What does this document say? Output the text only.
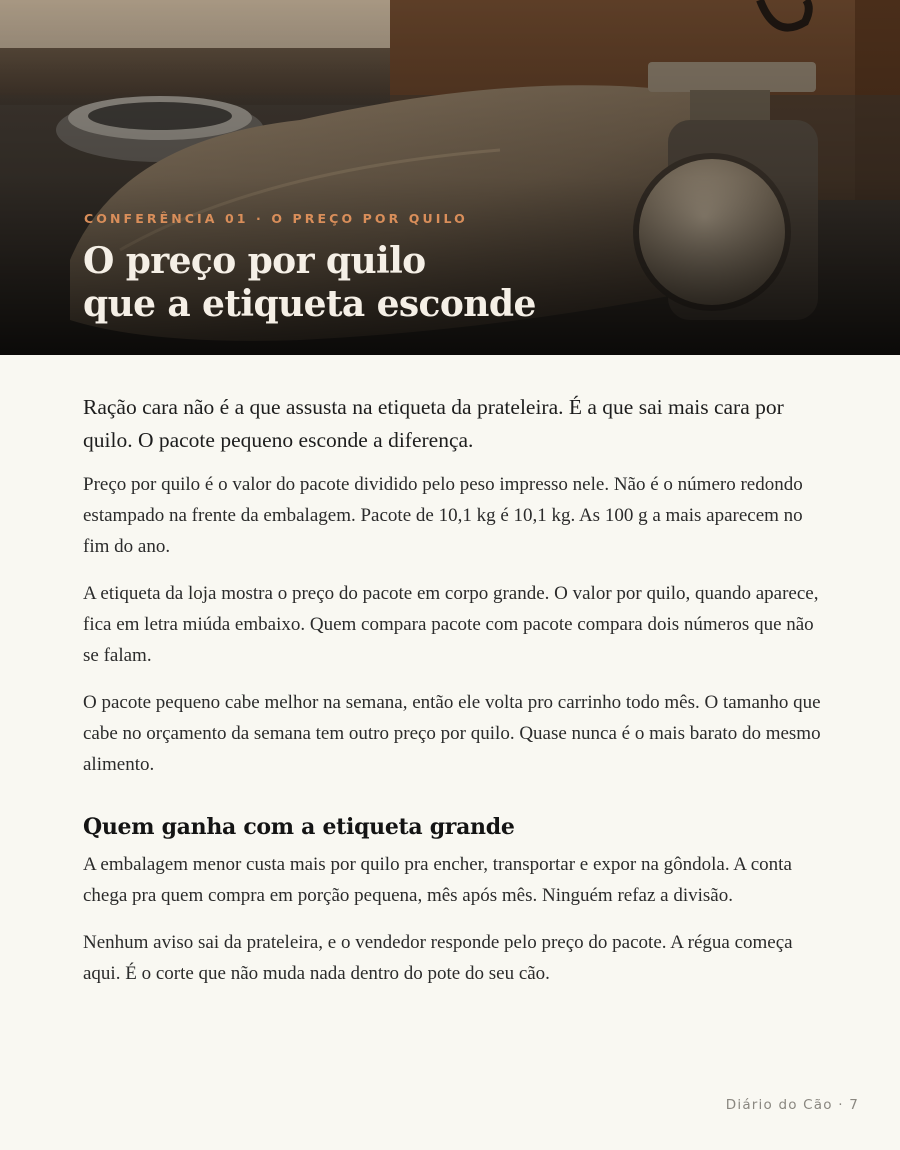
CONFERÊNCIA 01 · O PREÇO POR QUILO
O preço por quilo
que a etiqueta esconde

Ração cara não é a que assusta na etiqueta da prateleira. É a que sai mais cara por quilo. O pacote pequeno esconde a diferença.

Preço por quilo é o valor do pacote dividido pelo peso impresso nele. Não é o número redondo estampado na frente da embalagem. Pacote de 10,1 kg é 10,1 kg. As 100 g a mais aparecem no fim do ano.

A etiqueta da loja mostra o preço do pacote em corpo grande. O valor por quilo, quando aparece, fica em letra miúda embaixo. Quem compara pacote com pacote compara dois números que não se falam.

O pacote pequeno cabe melhor na semana, então ele volta pro carrinho todo mês. O tamanho que cabe no orçamento da semana tem outro preço por quilo. Quase nunca é o mais barato do mesmo alimento.

Quem ganha com a etiqueta grande

A embalagem menor custa mais por quilo pra encher, transportar e expor na gôndola. A conta chega pra quem compra em porção pequena, mês após mês. Ninguém refaz a divisão.

Nenhum aviso sai da prateleira, e o vendedor responde pelo preço do pacote. A régua começa aqui. É o corte que não muda nada dentro do pote do seu cão.

Diário do Cão · 7
